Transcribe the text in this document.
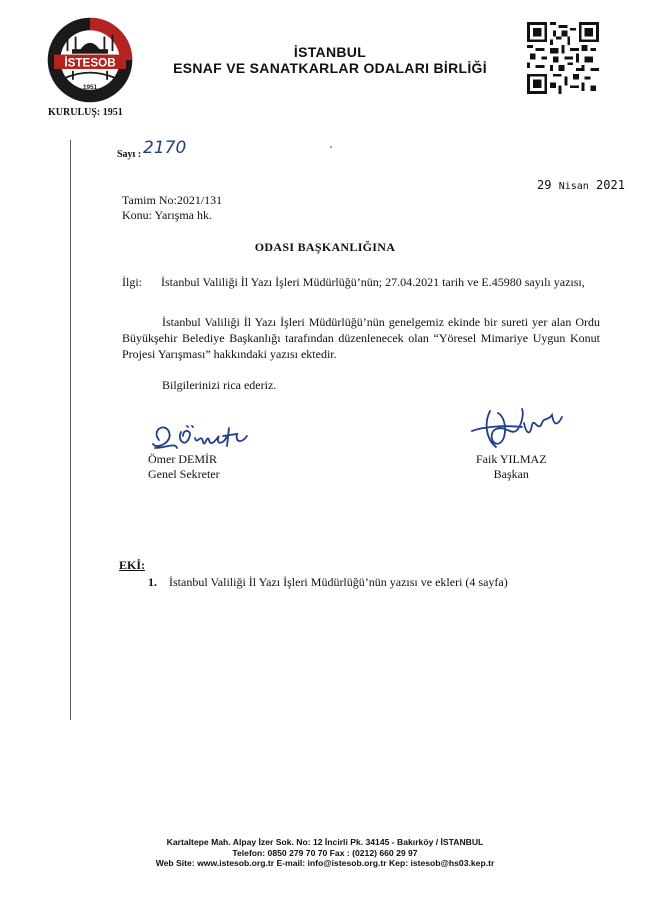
İSTESOB
1951
KURULUŞ: 1951
İSTANBUL
ESNAF VE SANATKARLAR ODALARI BİRLİĞİ
Sayı : 2170
29 Nisan 2021
Tamim No:2021/131
Konu: Yarışma hk.
ODASI BAŞKANLIĞINA
İlgi: İstanbul Valiliği İl Yazı İşleri Müdürlüğü’nün; 27.04.2021 tarih ve E.45980 sayılı yazısı,
İstanbul Valiliği İl Yazı İşleri Müdürlüğü’nün genelgemiz ekinde bir sureti yer alan Ordu Büyükşehir Belediye Başkanlığı tarafından düzenlenecek olan “Yöresel Mimariye Uygun Konut Projesi Yarışması” hakkındaki yazısı ektedir.
Bilgilerinizi rica ederiz.
Ömer DEMİR
Genel Sekreter
Faik YILMAZ
Başkan
EKİ:
1. İstanbul Valiliği İl Yazı İşleri Müdürlüğü’nün yazısı ve ekleri (4 sayfa)
Kartaltepe Mah. Alpay İzer Sok. No: 12 İncirli Pk. 34145 - Bakırköy / İSTANBUL
Telefon: 0850 279 70 70 Fax : (0212) 660 29 97
Web Site: www.istesob.org.tr E-mail: info@istesob.org.tr Kep: istesob@hs03.kep.tr
